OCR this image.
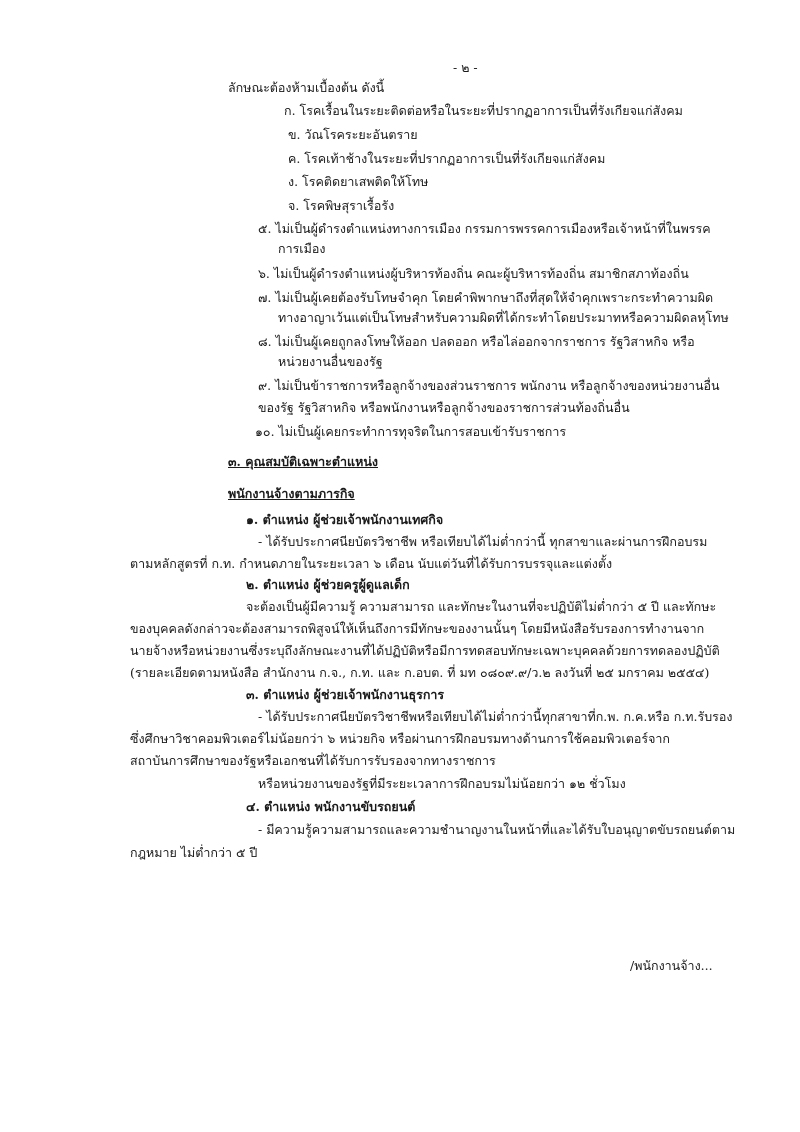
- ๒ -
ลักษณะต้องห้ามเบื้องต้น ดังนี้
ก. โรคเรื้อนในระยะติดต่อหรือในระยะที่ปรากฏอาการเป็นที่รังเกียจแก่สังคม
ข. วัณโรคระยะอันตราย
ค. โรคเท้าช้างในระยะที่ปรากฏอาการเป็นที่รังเกียจแก่สังคม
ง. โรคติดยาเสพติดให้โทษ
จ. โรคพิษสุราเรื้อรัง
๕. ไม่เป็นผู้ดำรงตำแหน่งทางการเมือง กรรมการพรรคการเมืองหรือเจ้าหน้าที่ในพรรค
การเมือง
๖. ไม่เป็นผู้ดำรงตำแหน่งผู้บริหารท้องถิ่น คณะผู้บริหารท้องถิ่น สมาชิกสภาท้องถิ่น
๗. ไม่เป็นผู้เคยต้องรับโทษจำคุก โดยคำพิพากษาถึงที่สุดให้จำคุกเพราะกระทำความผิด
ทางอาญาเว้นแต่เป็นโทษสำหรับความผิดที่ได้กระทำโดยประมาทหรือความผิดลหุโทษ
๘. ไม่เป็นผู้เคยถูกลงโทษให้ออก ปลดออก หรือไล่ออกจากราชการ รัฐวิสาหกิจ หรือ
หน่วยงานอื่นของรัฐ
๙. ไม่เป็นข้าราชการหรือลูกจ้างของส่วนราชการ พนักงาน หรือลูกจ้างของหน่วยงานอื่น
ของรัฐ รัฐวิสาหกิจ หรือพนักงานหรือลูกจ้างของราชการส่วนท้องถิ่นอื่น
๑๐. ไม่เป็นผู้เคยกระทำการทุจริตในการสอบเข้ารับราชการ
๓. คุณสมบัติเฉพาะตำแหน่ง
พนักงานจ้างตามภารกิจ
๑. ตำแหน่ง ผู้ช่วยเจ้าพนักงานเทศกิจ
- ได้รับประกาศนียบัตรวิชาชีพ หรือเทียบได้ไม่ต่ำกว่านี้ ทุกสาขาและผ่านการฝึกอบรม
ตามหลักสูตรที่ ก.ท. กำหนดภายในระยะเวลา ๖ เดือน นับแต่วันที่ได้รับการบรรจุและแต่งตั้ง
๒. ตำแหน่ง ผู้ช่วยครูผู้ดูแลเด็ก
จะต้องเป็นผู้มีความรู้ ความสามารถ และทักษะในงานที่จะปฏิบัติไม่ต่ำกว่า ๕ ปี และทักษะ
ของบุคคลดังกล่าวจะต้องสามารถพิสูจน์ให้เห็นถึงการมีทักษะของงานนั้นๆ โดยมีหนังสือรับรองการทำงานจาก
นายจ้างหรือหน่วยงานซึ่งระบุถึงลักษณะงานที่ได้ปฏิบัติหรือมีการทดสอบทักษะเฉพาะบุคคลด้วยการทดลองปฏิบัติ
(รายละเอียดตามหนังสือ สำนักงาน ก.จ., ก.ท. และ ก.อบต. ที่ มท ๐๘๐๙.๙/ว.๒ ลงวันที่ ๒๕ มกราคม ๒๕๕๔)
๓. ตำแหน่ง ผู้ช่วยเจ้าพนักงานธุรการ
- ได้รับประกาศนียบัตรวิชาชีพหรือเทียบได้ไม่ต่ำกว่านี้ทุกสาขาที่ก.พ. ก.ค.หรือ ก.ท.รับรอง
ซึ่งศึกษาวิชาคอมพิวเตอร์ไม่น้อยกว่า ๖ หน่วยกิจ หรือผ่านการฝึกอบรมทางด้านการใช้คอมพิวเตอร์จาก
สถาบันการศึกษาของรัฐหรือเอกชนที่ได้รับการรับรองจากทางราชการ
หรือหน่วยงานของรัฐที่มีระยะเวลาการฝึกอบรมไม่น้อยกว่า ๑๒ ชั่วโมง
๔. ตำแหน่ง พนักงานขับรถยนต์
- มีความรู้ความสามารถและความชำนาญงานในหน้าที่และได้รับใบอนุญาตขับรถยนต์ตาม
กฎหมาย ไม่ต่ำกว่า ๕ ปี
/พนักงานจ้าง...
